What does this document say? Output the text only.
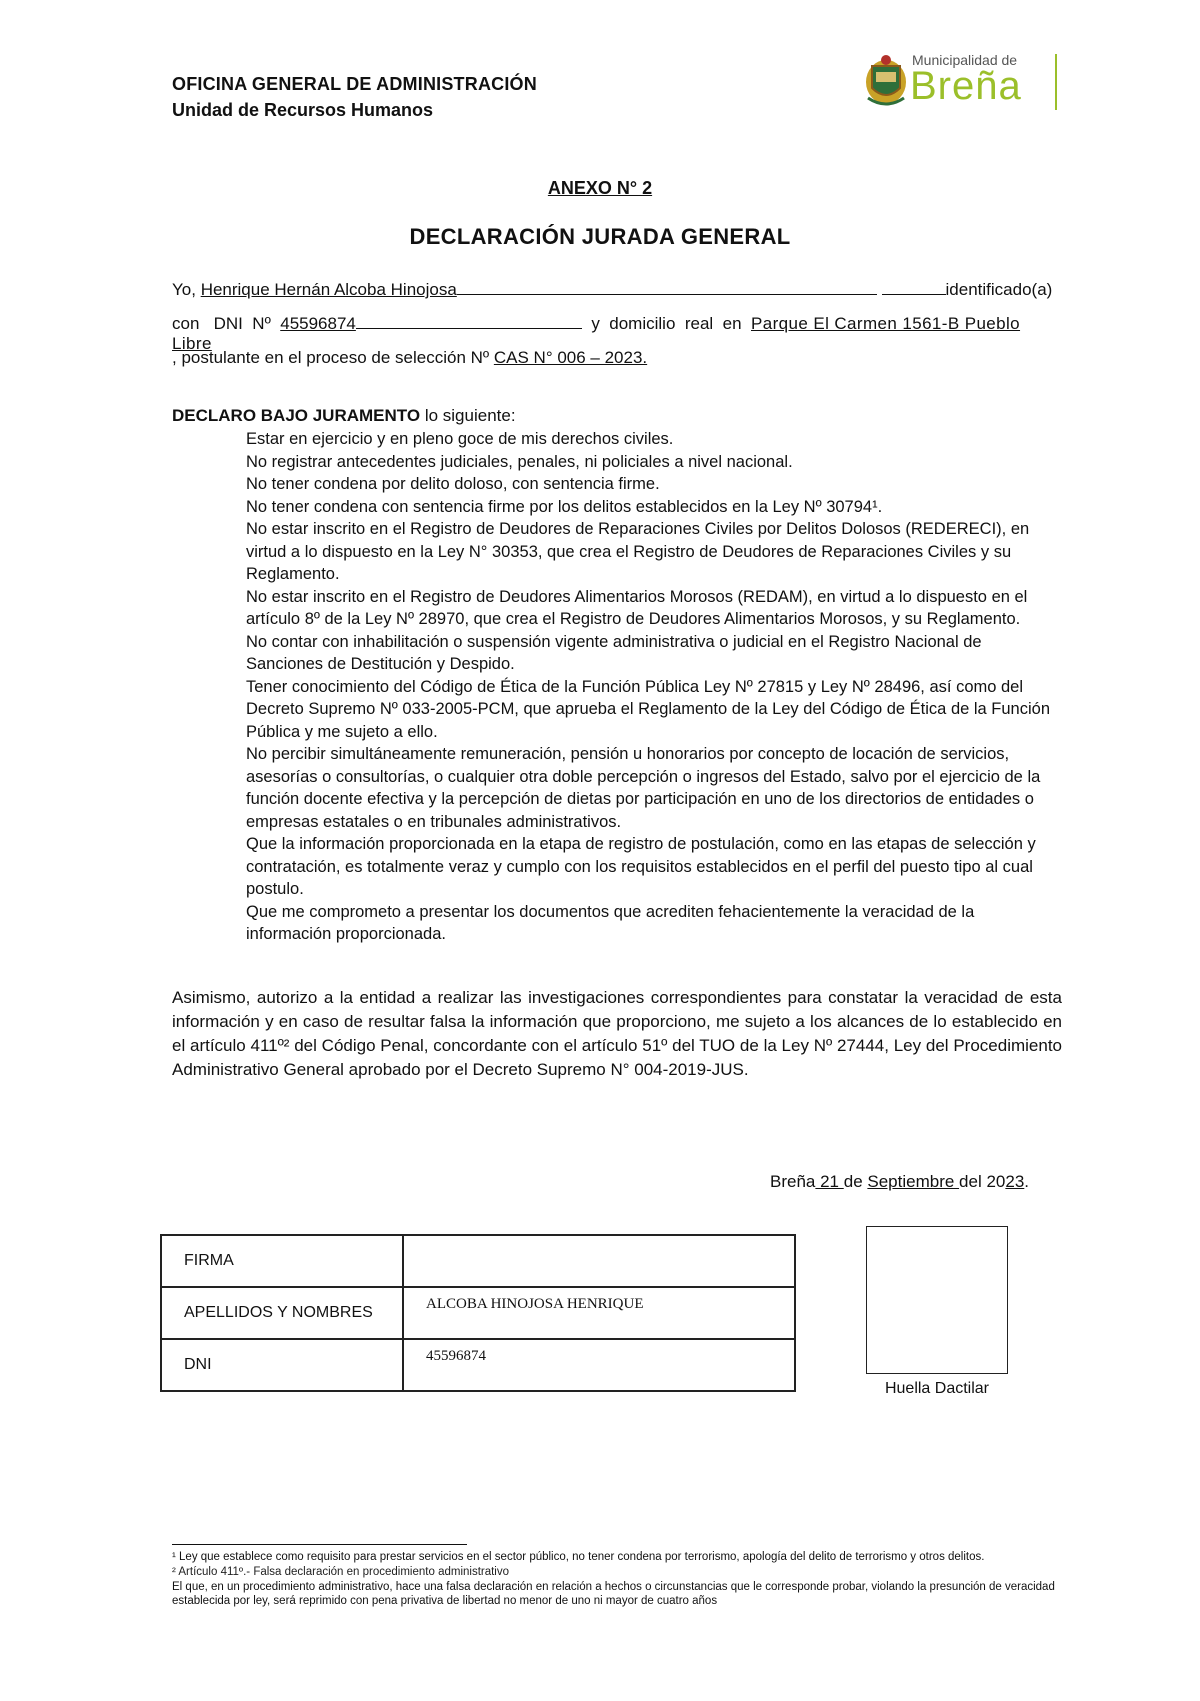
OFICINA GENERAL DE ADMINISTRACIÓN
Unidad de Recursos Humanos
Municipalidad de
Breña
ANEXO N° 2
DECLARACIÓN JURADA GENERAL
Yo, Henrique Hernán Alcoba Hinojosa	identificado(a)
con   DNI  Nº  45596874	y  domicilio  real  en  Parque El Carmen 1561-B Pueblo Libre
, postulante en el proceso de selección Nº CAS N° 006 – 2023.
DECLARO BAJO JURAMENTO lo siguiente:
Estar en ejercicio y en pleno goce de mis derechos civiles.
No registrar antecedentes judiciales, penales, ni policiales a nivel nacional.
No tener condena por delito doloso, con sentencia firme.
No tener condena con sentencia firme por los delitos establecidos en la Ley Nº 30794¹.
No estar inscrito en el Registro de Deudores de Reparaciones Civiles por Delitos Dolosos (REDERECI), en virtud a lo dispuesto en la Ley N° 30353, que crea el Registro de Deudores de Reparaciones Civiles y su Reglamento.
No estar inscrito en el Registro de Deudores Alimentarios Morosos (REDAM), en virtud a lo dispuesto en el artículo 8º de la Ley Nº 28970, que crea el Registro de Deudores Alimentarios Morosos, y su Reglamento.
No contar con inhabilitación o suspensión vigente administrativa o judicial en el Registro Nacional de Sanciones de Destitución y Despido.
Tener conocimiento del Código de Ética de la Función Pública Ley Nº 27815 y Ley Nº 28496, así como del Decreto Supremo Nº 033-2005-PCM, que aprueba el Reglamento de la Ley del Código de Ética de la Función Pública y me sujeto a ello.
No percibir simultáneamente remuneración, pensión u honorarios por concepto de locación de servicios, asesorías o consultorías, o cualquier otra doble percepción o ingresos del Estado, salvo por el ejercicio de la función docente efectiva y la percepción de dietas por participación en uno de los directorios de entidades o empresas estatales o en tribunales administrativos.
Que la información proporcionada en la etapa de registro de postulación, como en las etapas de selección y contratación, es totalmente veraz y cumplo con los requisitos establecidos en el perfil del puesto tipo al cual postulo.
Que me comprometo a presentar los documentos que acrediten fehacientemente la veracidad de la información proporcionada.
Asimismo, autorizo a la entidad a realizar las investigaciones correspondientes para constatar la veracidad de esta información y en caso de resultar falsa la información que proporciono, me sujeto a los alcances de lo establecido en el artículo 411º² del Código Penal, concordante con el artículo 51º del TUO de la Ley Nº 27444, Ley del Procedimiento Administrativo General aprobado por el Decreto Supremo N° 004-2019-JUS.
Breña 21 de Septiembre del 2023.
FIRMA	
APELLIDOS Y NOMBRES	ALCOBA HINOJOSA HENRIQUE
DNI	45596874
Huella Dactilar
¹ Ley que establece como requisito para prestar servicios en el sector público, no tener condena por terrorismo, apología del delito de terrorismo y otros delitos.
² Artículo 411º.- Falsa declaración en procedimiento administrativo
El que, en un procedimiento administrativo, hace una falsa declaración en relación a hechos o circunstancias que le corresponde probar, violando la presunción de veracidad establecida por ley, será reprimido con pena privativa de libertad no menor de uno ni mayor de cuatro años
